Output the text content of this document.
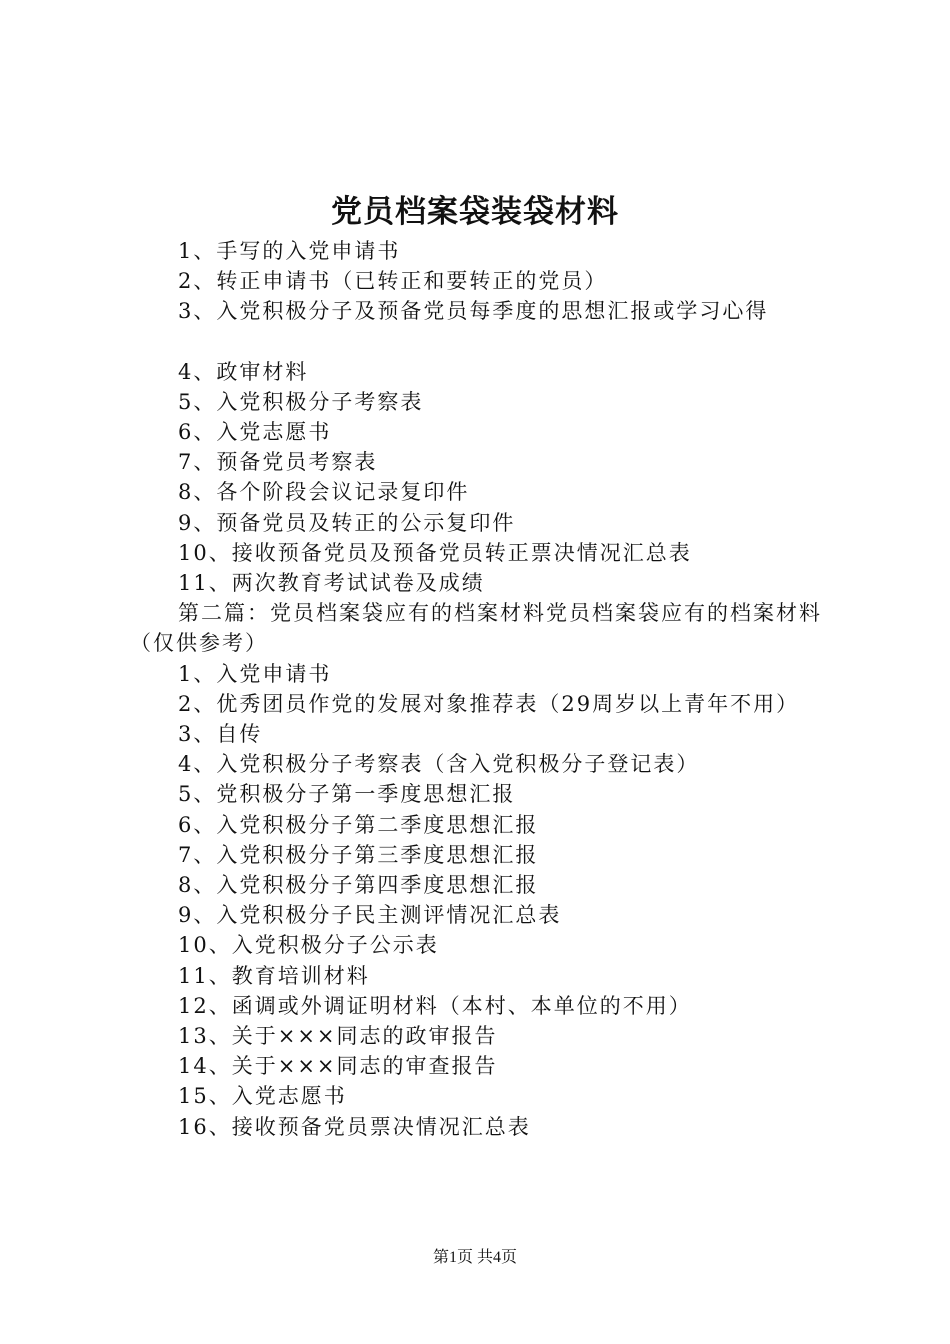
党员档案袋装袋材料
1、手写的入党申请书
2、转正申请书（已转正和要转正的党员）
3、入党积极分子及预备党员每季度的思想汇报或学习心得
4、政审材料
5、入党积极分子考察表
6、入党志愿书
7、预备党员考察表
8、各个阶段会议记录复印件
9、预备党员及转正的公示复印件
10、接收预备党员及预备党员转正票决情况汇总表
11、两次教育考试试卷及成绩
第二篇：党员档案袋应有的档案材料党员档案袋应有的档案材料（仅供参考）
1、入党申请书
2、优秀团员作党的发展对象推荐表（29周岁以上青年不用）
3、自传
4、入党积极分子考察表（含入党积极分子登记表）
5、党积极分子第一季度思想汇报
6、入党积极分子第二季度思想汇报
7、入党积极分子第三季度思想汇报
8、入党积极分子第四季度思想汇报
9、入党积极分子民主测评情况汇总表
10、入党积极分子公示表
11、教育培训材料
12、函调或外调证明材料（本村、本单位的不用）
13、关于×××同志的政审报告
14、关于×××同志的审查报告
15、入党志愿书
16、接收预备党员票决情况汇总表
第1页 共4页
